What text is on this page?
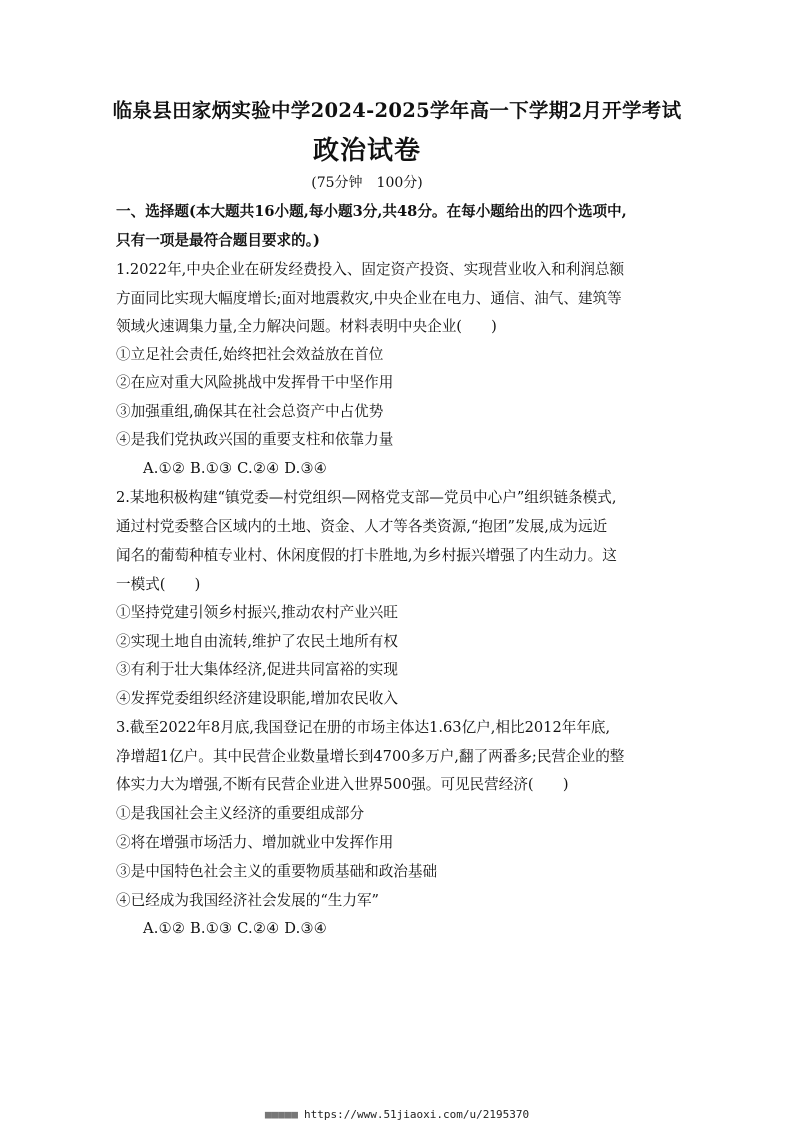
临泉县田家炳实验中学2024-2025学年高一下学期2月开学考试
政治试卷
(75分钟　100分)
一、选择题(本大题共16小题,每小题3分,共48分。在每小题给出的四个选项中,
只有一项是最符合题目要求的。)
1.2022年,中央企业在研发经费投入、固定资产投资、实现营业收入和利润总额
方面同比实现大幅度增长;面对地震救灾,中央企业在电力、通信、油气、建筑等
领域火速调集力量,全力解决问题。材料表明中央企业(　　)
①立足社会责任,始终把社会效益放在首位
②在应对重大风险挑战中发挥骨干中坚作用
③加强重组,确保其在社会总资产中占优势
④是我们党执政兴国的重要支柱和依靠力量
A.①② B.①③ C.②④ D.③④
2.某地积极构建“镇党委—村党组织—网格党支部—党员中心户”组织链条模式,
通过村党委整合区域内的土地、资金、人才等各类资源,“抱团”发展,成为远近
闻名的葡萄种植专业村、休闲度假的打卡胜地,为乡村振兴增强了内生动力。这
一模式(　　)
①坚持党建引领乡村振兴,推动农村产业兴旺
②实现土地自由流转,维护了农民土地所有权
③有利于壮大集体经济,促进共同富裕的实现
④发挥党委组织经济建设职能,增加农民收入
3.截至2022年8月底,我国登记在册的市场主体达1.63亿户,相比2012年年底,
净增超1亿户。其中民营企业数量增长到4700多万户,翻了两番多;民营企业的整
体实力大为增强,不断有民营企业进入世界500强。可见民营经济(　　)
①是我国社会主义经济的重要组成部分
②将在增强市场活力、增加就业中发挥作用
③是中国特色社会主义的重要物质基础和政治基础
④已经成为我国经济社会发展的“生力军”
A.①② B.①③ C.②④ D.③④
■■■■■ https://www.51jiaoxi.com/u/2195370
